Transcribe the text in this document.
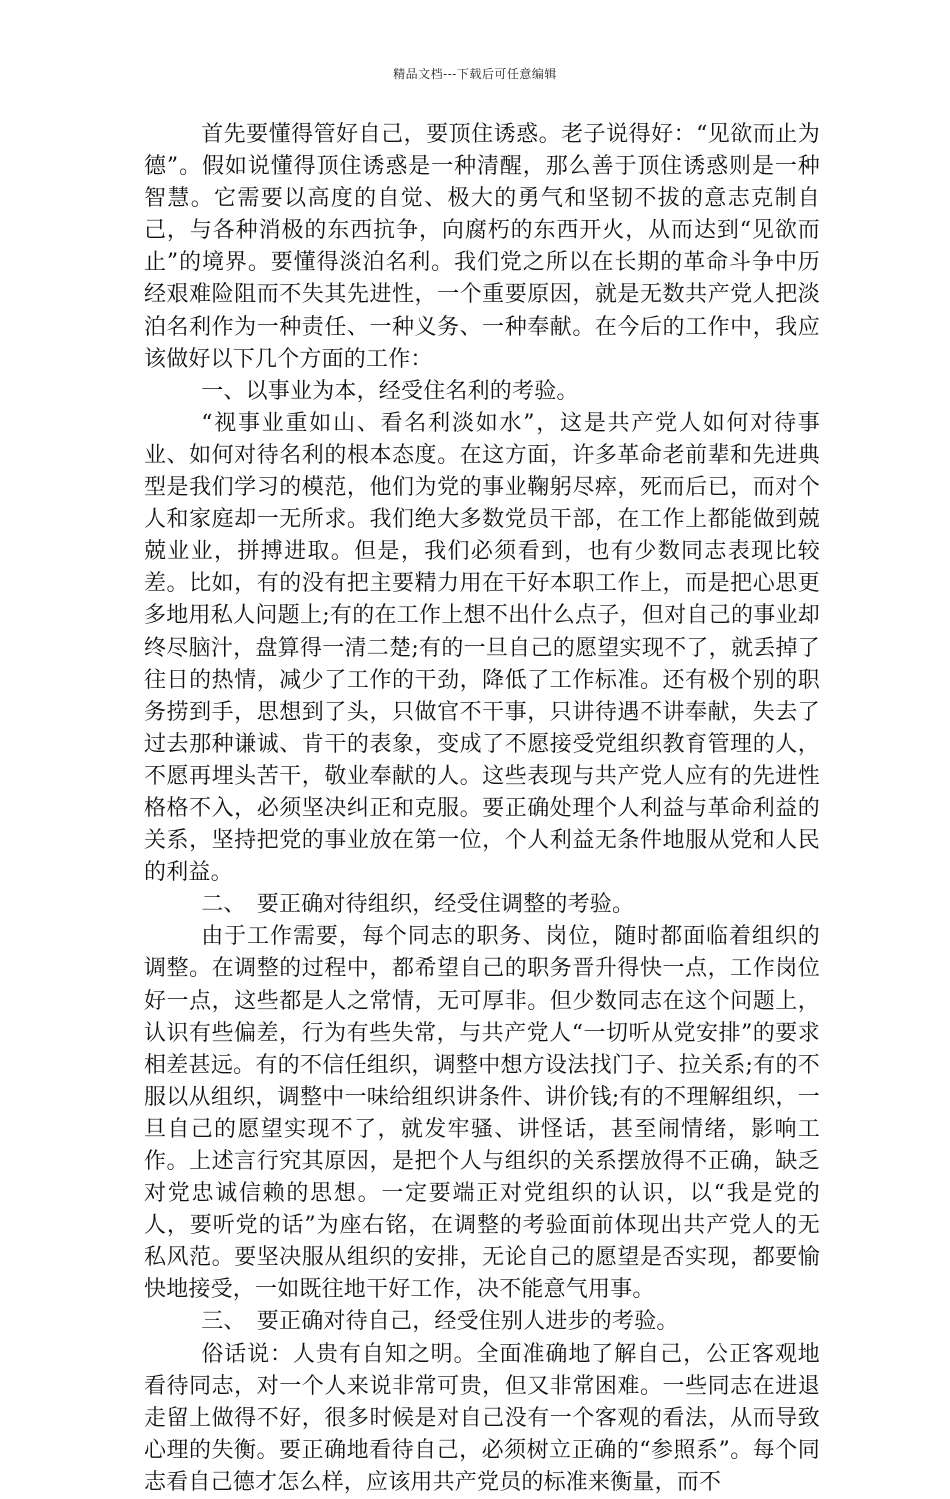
精品文档---下载后可任意编辑

首先要懂得管好自己，要顶住诱惑。老子说得好：“见欲而止为德”。假如说懂得顶住诱惑是一种清醒，那么善于顶住诱惑则是一种智慧。它需要以高度的自觉、极大的勇气和坚韧不拔的意志克制自己，与各种消极的东西抗争，向腐朽的东西开火，从而达到“见欲而止”的境界。要懂得淡泊名利。我们党之所以在长期的革命斗争中历经艰难险阻而不失其先进性，一个重要原因，就是无数共产党人把淡泊名利作为一种责任、一种义务、一种奉献。在今后的工作中，我应该做好以下几个方面的工作：

一、以事业为本，经受住名利的考验。

“视事业重如山、看名利淡如水”，这是共产党人如何对待事业、如何对待名利的根本态度。在这方面，许多革命老前辈和先进典型是我们学习的模范，他们为党的事业鞠躬尽瘁，死而后已，而对个人和家庭却一无所求。我们绝大多数党员干部，在工作上都能做到兢兢业业，拼搏进取。但是，我们必须看到，也有少数同志表现比较差。比如，有的没有把主要精力用在干好本职工作上，而是把心思更多地用私人问题上;有的在工作上想不出什么点子，但对自己的事业却终尽脑汁，盘算得一清二楚;有的一旦自己的愿望实现不了，就丢掉了往日的热情，减少了工作的干劲，降低了工作标准。还有极个别的职务捞到手，思想到了头，只做官不干事，只讲待遇不讲奉献，失去了过去那种谦诚、肯干的表象，变成了不愿接受党组织教育管理的人，不愿再埋头苦干，敬业奉献的人。这些表现与共产党人应有的先进性格格不入，必须坚决纠正和克服。要正确处理个人利益与革命利益的关系，坚持把党的事业放在第一位，个人利益无条件地服从党和人民的利益。

二、　要正确对待组织，经受住调整的考验。

由于工作需要，每个同志的职务、岗位，随时都面临着组织的调整。在调整的过程中，都希望自己的职务晋升得快一点，工作岗位好一点，这些都是人之常情，无可厚非。但少数同志在这个问题上，认识有些偏差，行为有些失常，与共产党人“一切听从党安排”的要求相差甚远。有的不信任组织，调整中想方设法找门子、拉关系;有的不服以从组织，调整中一味给组织讲条件、讲价钱;有的不理解组织，一旦自己的愿望实现不了，就发牢骚、讲怪话，甚至闹情绪，影响工作。上述言行究其原因，是把个人与组织的关系摆放得不正确，缺乏对党忠诚信赖的思想。一定要端正对党组织的认识，以“我是党的人，要听党的话”为座右铭，在调整的考验面前体现出共产党人的无私风范。要坚决服从组织的安排，无论自己的愿望是否实现，都要愉快地接受，一如既往地干好工作，决不能意气用事。

三、　要正确对待自己，经受住别人进步的考验。

俗话说：人贵有自知之明。全面准确地了解自己，公正客观地看待同志，对一个人来说非常可贵，但又非常困难。一些同志在进退走留上做得不好，很多时候是对自己没有一个客观的看法，从而导致心理的失衡。要正确地看待自己，必须树立正确的“参照系”。每个同志看自己德才怎么样，应该用共产党员的标准来衡量，而不
